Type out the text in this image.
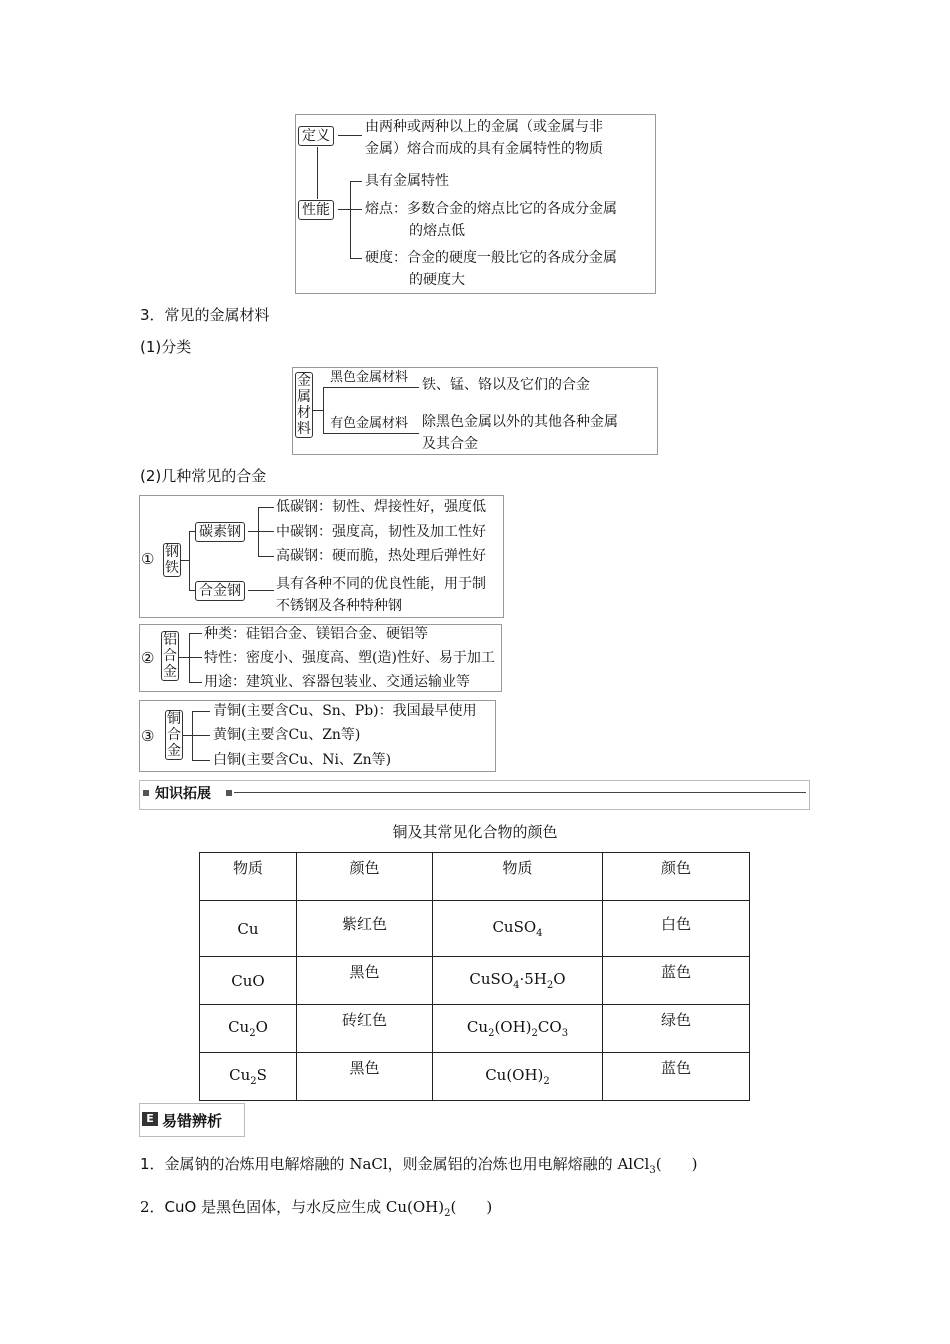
定义
由两种或两种以上的金属（或金属与非
金属）熔合而成的具有金属特性的物质
性能
具有金属特性
熔点：多数合金的熔点比它的各成分金属
的熔点低
硬度：合金的硬度一般比它的各成分金属
的硬度大
3．常见的金属材料
(1)分类
金
属
材
料
黑色金属材料 铁、锰、铬以及它们的合金
有色金属材料 除黑色金属以外的其他各种金属
及其合金
(2)几种常见的合金
① 钢
铁
碳素钢
低碳钢：韧性、焊接性好，强度低
中碳钢：强度高，韧性及加工性好
高碳钢：硬而脆，热处理后弹性好
合金钢	具有各种不同的优良性能，用于制
不锈钢及各种特种钢
②
铝
合
金
种类：硅铝合金、镁铝合金、硬铝等
特性：密度小、强度高、塑(造)性好、易于加工
用途：建筑业、容器包装业、交通运输业等
③
铜
合
金
青铜(主要含Cu、Sn、Pb)：我国最早使用
黄铜(主要含Cu、Zn等)
白铜(主要含Cu、Ni、Zn等)
知识拓展
铜及其常见化合物的颜色
物质	颜色	物质	颜色
Cu	紫红色	CuSO$_4$	白色
CuO	黑色	$CuSO_4\cdot 5H_2O$	蓝色
$Cu_2O$	砖红色	$Cu_2(OH)_2CO_3$	绿色
$Cu_2S$	黑色	$Cu(OH)_2$	蓝色
E 易错辨析
1．金属钠的冶炼用电解熔融的 NaCl，则金属铝的冶炼也用电解熔融的 AlCl$_3$(　　)
2．CuO 是黑色固体，与水反应生成 $Cu(OH)_2$(　　)
